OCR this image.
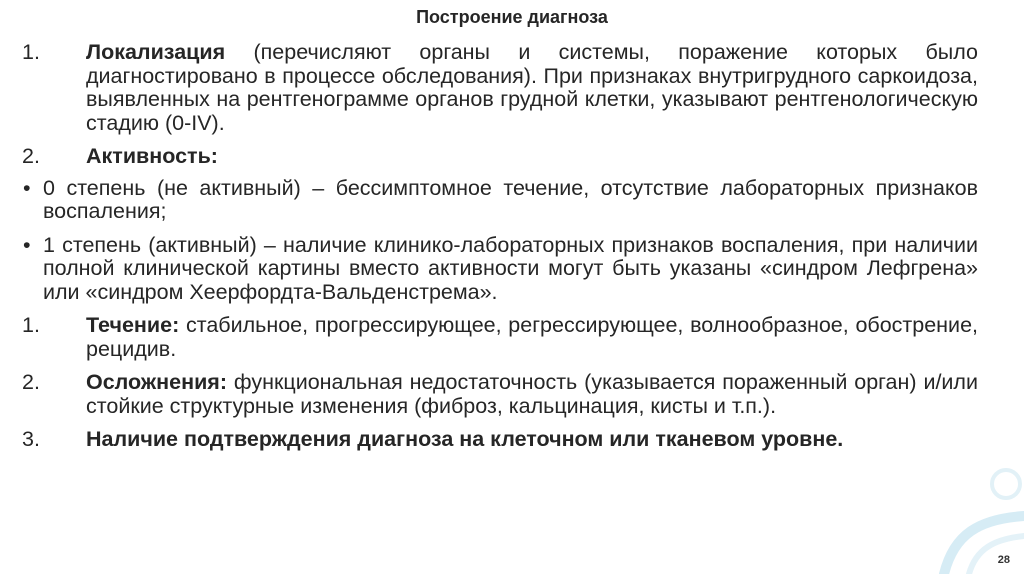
Построение диагноза
1.	Локализация (перечисляют органы и системы, поражение которых было диагностировано в процессе обследования). При признаках внутригрудного саркоидоза, выявленных на рентгенограмме органов грудной клетки, указывают рентгенологическую стадию (0-IV).
2.	Активность:
• 0 степень (не активный) – бессимптомное течение, отсутствие лабораторных признаков воспаления;
• 1 степень (активный) – наличие клинико-лабораторных признаков воспаления, при наличии полной клинической картины вместо активности могут быть указаны «синдром Лефгрена» или «синдром Хеерфордта-Вальденстрема».
1.	Течение: стабильное, прогрессирующее, регрессирующее, волнообразное, обострение, рецидив.
2.	Осложнения: функциональная недостаточность (указывается пораженный орган) и/или стойкие структурные изменения (фиброз, кальцинация, кисты и т.п.).
3.	Наличие подтверждения диагноза на клеточном или тканевом уровне.
28
